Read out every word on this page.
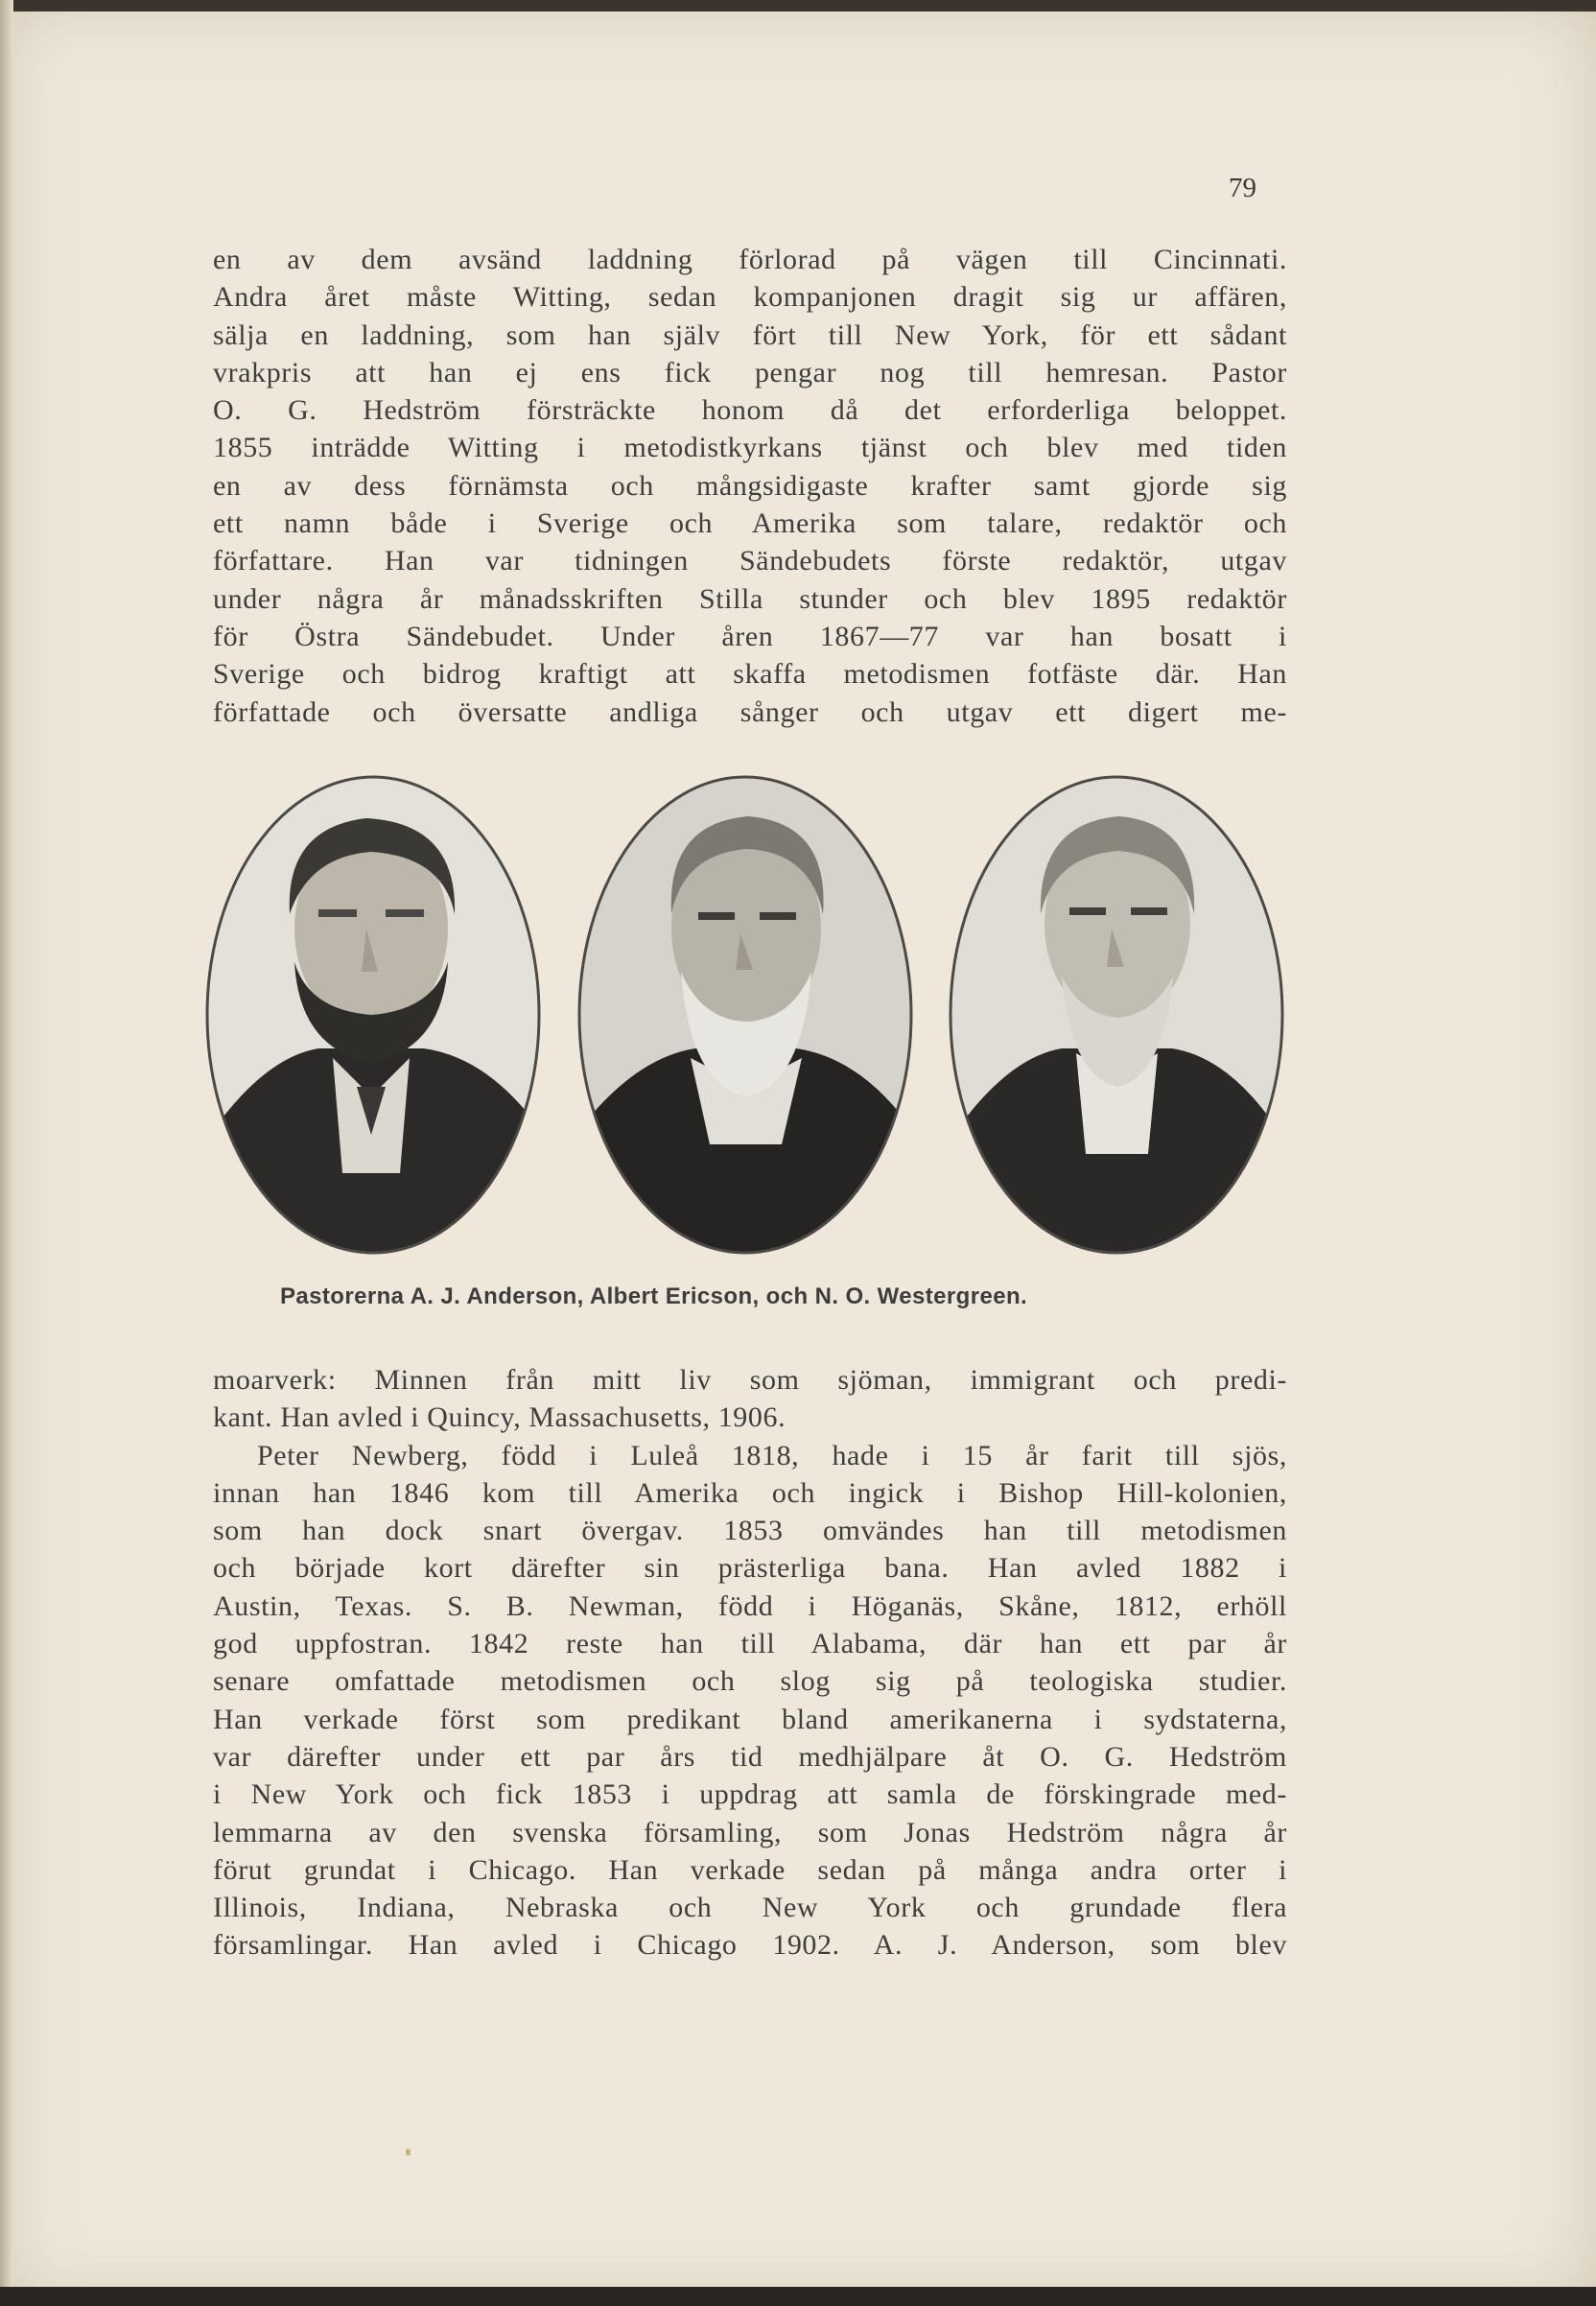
79
en av dem avsänd laddning förlorad på vägen till Cincinnati.
Andra året måste Witting, sedan kompanjonen dragit sig ur affären,
sälja en laddning, som han själv fört till New York, för ett sådant
vrakpris att han ej ens fick pengar nog till hemresan. Pastor
O. G. Hedström försträckte honom då det erforderliga beloppet.
1855 inträdde Witting i metodistkyrkans tjänst och blev med tiden
en av dess förnämsta och mångsidigaste krafter samt gjorde sig
ett namn både i Sverige och Amerika som talare, redaktör och
författare. Han var tidningen Sändebudets förste redaktör, utgav
under några år månadsskriften Stilla stunder och blev 1895 redaktör
för Östra Sändebudet. Under åren 1867—77 var han bosatt i
Sverige och bidrog kraftigt att skaffa metodismen fotfäste där. Han
författade och översatte andliga sånger och utgav ett digert me-
Pastorerna A. J. Anderson, Albert Ericson, och N. O. Westergreen.
moarverk: Minnen från mitt liv som sjöman, immigrant och predi-
kant. Han avled i Quincy, Massachusetts, 1906.
Peter Newberg, född i Luleå 1818, hade i 15 år farit till sjös,
innan han 1846 kom till Amerika och ingick i Bishop Hill-kolonien,
som han dock snart övergav. 1853 omvändes han till metodismen
och började kort därefter sin prästerliga bana. Han avled 1882 i
Austin, Texas. S. B. Newman, född i Höganäs, Skåne, 1812, erhöll
god uppfostran. 1842 reste han till Alabama, där han ett par år
senare omfattade metodismen och slog sig på teologiska studier.
Han verkade först som predikant bland amerikanerna i sydstaterna,
var därefter under ett par års tid medhjälpare åt O. G. Hedström
i New York och fick 1853 i uppdrag att samla de förskingrade med-
lemmarna av den svenska församling, som Jonas Hedström några år
förut grundat i Chicago. Han verkade sedan på många andra orter i
Illinois, Indiana, Nebraska och New York och grundade flera
församlingar. Han avled i Chicago 1902. A. J. Anderson, som blev
